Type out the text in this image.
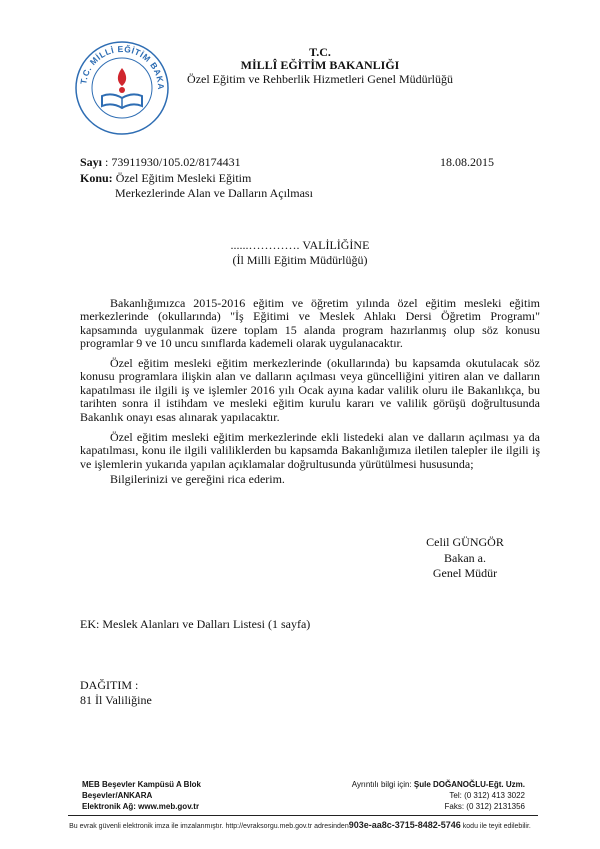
T.C. MİLLİ EĞİTİM BAKA
T.C.
MİLLÎ EĞİTİM BAKANLIĞI
Özel Eğitim ve Rehberlik Hizmetleri Genel Müdürlüğü
Sayı : 73911930/105.02/8174431	18.08.2015
Konu: Özel Eğitim Mesleki Eğitim
Merkezlerinde Alan ve Dalların Açılması
......…………. VALİLİĞİNE
(İl Milli Eğitim Müdürlüğü)

Bakanlığımızca 2015-2016 eğitim ve öğretim yılında özel eğitim mesleki eğitim merkezlerinde (okullarında) "İş Eğitimi ve Meslek Ahlakı Dersi Öğretim Programı" kapsamında uygulanmak üzere toplam 15 alanda program hazırlanmış olup söz konusu programlar 9 ve 10 uncu sınıflarda kademeli olarak uygulanacaktır.

Özel eğitim mesleki eğitim merkezlerinde (okullarında) bu kapsamda okutulacak söz konusu programlara ilişkin alan ve dalların açılması veya güncelliğini yitiren alan ve dalların kapatılması ile ilgili iş ve işlemler 2016 yılı Ocak ayına kadar valilik oluru ile Bakanlıkça, bu tarihten sonra il istihdam ve mesleki eğitim kurulu kararı ve valilik görüşü doğrultusunda Bakanlık onayı esas alınarak yapılacaktır.

Özel eğitim mesleki eğitim merkezlerinde ekli listedeki alan ve dalların açılması ya da kapatılması, konu ile ilgili valiliklerden bu kapsamda Bakanlığımıza iletilen talepler ile ilgili iş ve işlemlerin yukarıda yapılan açıklamalar doğrultusunda yürütülmesi hususunda;

Bilgilerinizi ve gereğini rica ederim.

Celil GÜNGÖR
Bakan a.
Genel Müdür
EK: Meslek Alanları ve Dalları Listesi (1 sayfa)
DAĞITIM :
81 İl Valiliğine
MEB Beşevler Kampüsü A Blok
Beşevler/ANKARA
Elektronik Ağ: www.meb.gov.tr
Ayrıntılı bilgi için: Şule DOĞANOĞLU-Eğt. Uzm.
Tel: (0 312) 413 3022
Faks: (0 312) 2131356
Bu evrak güvenli elektronik imza ile imzalanmıştır. http://evraksorgu.meb.gov.tr adresinden903e-aa8c-3715-8482-5746 kodu ile teyit edilebilir.
